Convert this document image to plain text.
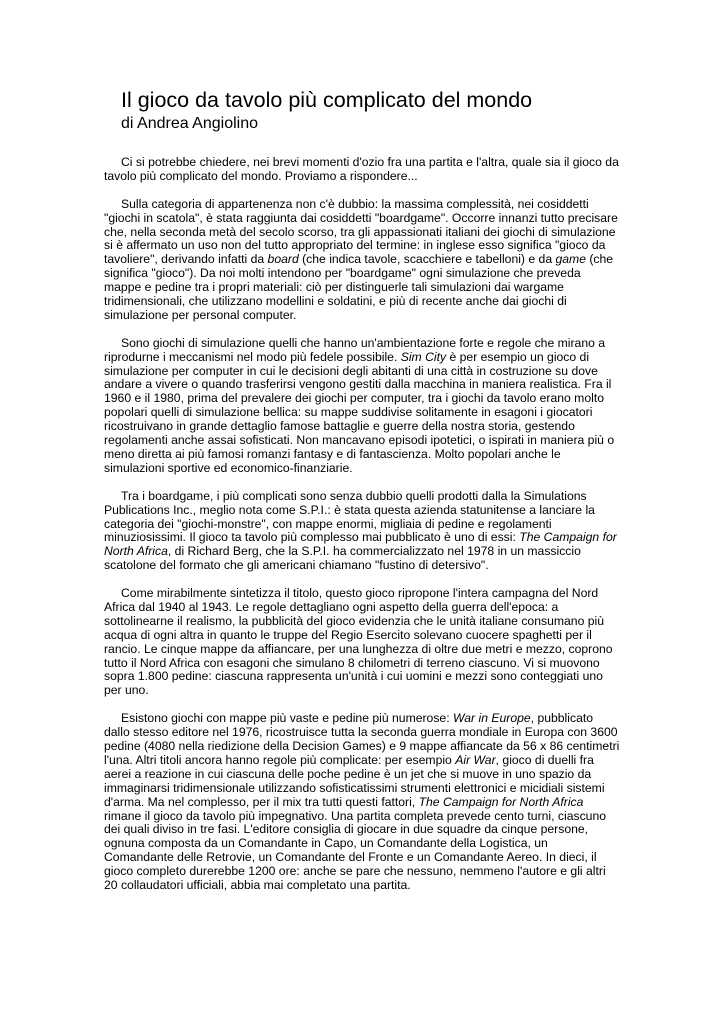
Il gioco da tavolo più complicato del mondo
di Andrea Angiolino
Ci si potrebbe chiedere, nei brevi momenti d'ozio fra una partita e l'altra, quale sia il gioco da
tavolo più complicato del mondo. Proviamo a rispondere...
Sulla categoria di appartenenza non c'è dubbio: la massima complessità, nei cosiddetti
"giochi in scatola", è stata raggiunta dai cosiddetti "boardgame". Occorre innanzi tutto precisare
che, nella seconda metà del secolo scorso, tra gli appassionati italiani dei giochi di simulazione
si è affermato un uso non del tutto appropriato del termine: in inglese esso significa "gioco da
tavoliere", derivando infatti da board (che indica tavole, scacchiere e tabelloni) e da game (che
significa "gioco"). Da noi molti intendono per "boardgame" ogni simulazione che preveda
mappe e pedine tra i propri materiali: ciò per distinguerle tali simulazioni dai wargame
tridimensionali, che utilizzano modellini e soldatini, e più di recente anche dai giochi di
simulazione per personal computer.
Sono giochi di simulazione quelli che hanno un'ambientazione forte e regole che mirano a
riprodurne i meccanismi nel modo più fedele possibile. Sim City è per esempio un gioco di
simulazione per computer in cui le decisioni degli abitanti di una città in costruzione su dove
andare a vivere o quando trasferirsi vengono gestiti dalla macchina in maniera realistica. Fra il
1960 e il 1980, prima del prevalere dei giochi per computer, tra i giochi da tavolo erano molto
popolari quelli di simulazione bellica: su mappe suddivise solitamente in esagoni i giocatori
ricostruivano in grande dettaglio famose battaglie e guerre della nostra storia, gestendo
regolamenti anche assai sofisticati. Non mancavano episodi ipotetici, o ispirati in maniera più o
meno diretta ai più famosi romanzi fantasy e di fantascienza. Molto popolari anche le
simulazioni sportive ed economico-finanziarie.
Tra i boardgame, i più complicati sono senza dubbio quelli prodotti dalla la Simulations
Publications Inc., meglio nota come S.P.I.: è stata questa azienda statunitense a lanciare la
categoria dei "giochi-monstre", con mappe enormi, migliaia di pedine e regolamenti
minuziosissimi. Il gioco ta tavolo più complesso mai pubblicato è uno di essi: The Campaign for
North Africa, di Richard Berg, che la S.P.I. ha commercializzato nel 1978 in un massiccio
scatolone del formato che gli americani chiamano "fustino di detersivo".
Come mirabilmente sintetizza il titolo, questo gioco ripropone l'intera campagna del Nord
Africa dal 1940 al 1943. Le regole dettagliano ogni aspetto della guerra dell'epoca: a
sottolinearne il realismo, la pubblicità del gioco evidenzia che le unità italiane consumano più
acqua di ogni altra in quanto le truppe del Regio Esercito solevano cuocere spaghetti per il
rancio. Le cinque mappe da affiancare, per una lunghezza di oltre due metri e mezzo, coprono
tutto il Nord Africa con esagoni che simulano 8 chilometri di terreno ciascuno. Vi si muovono
sopra 1.800 pedine: ciascuna rappresenta un'unità i cui uomini e mezzi sono conteggiati uno
per uno.
Esistono giochi con mappe più vaste e pedine più numerose: War in Europe, pubblicato
dallo stesso editore nel 1976, ricostruisce tutta la seconda guerra mondiale in Europa con 3600
pedine (4080 nella riedizione della Decision Games) e 9 mappe affiancate da 56 x 86 centimetri
l'una. Altri titoli ancora hanno regole più complicate: per esempio Air War, gioco di duelli fra
aerei a reazione in cui ciascuna delle poche pedine è un jet che si muove in uno spazio da
immaginarsi tridimensionale utilizzando sofisticatissimi strumenti elettronici e micidiali sistemi
d'arma. Ma nel complesso, per il mix tra tutti questi fattori, The Campaign for North Africa
rimane il gioco da tavolo più impegnativo. Una partita completa prevede cento turni, ciascuno
dei quali diviso in tre fasi. L'editore consiglia di giocare in due squadre da cinque persone,
ognuna composta da un Comandante in Capo, un Comandante della Logistica, un
Comandante delle Retrovie, un Comandante del Fronte e un Comandante Aereo. In dieci, il
gioco completo durerebbe 1200 ore: anche se pare che nessuno, nemmeno l'autore e gli altri
20 collaudatori ufficiali, abbia mai completato una partita.
